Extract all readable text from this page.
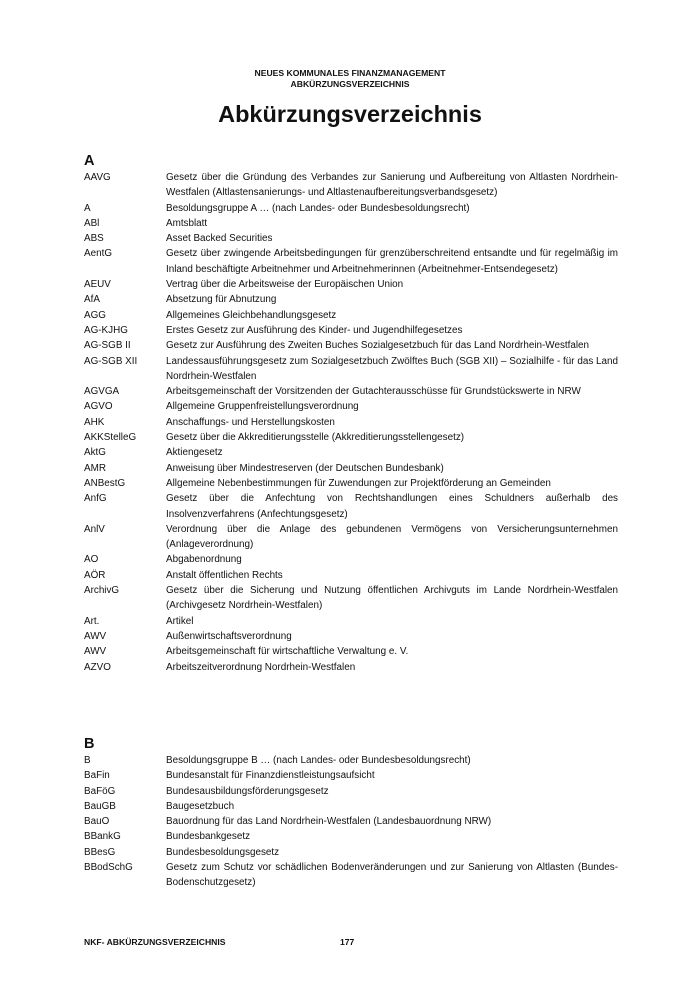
NEUES KOMMUNALES FINANZMANAGEMENT
ABKÜRZUNGSVERZEICHNIS
Abkürzungsverzeichnis
A
AAVG	Gesetz über die Gründung des Verbandes zur Sanierung und Aufbereitung von Altlasten Nordrhein-Westfalen (Altlastensanierungs- und Altlastenaufbereitungsverbandsgesetz)
A	Besoldungsgruppe A … (nach Landes- oder Bundesbesoldungsrecht)
ABl	Amtsblatt
ABS	Asset Backed Securities
AentG	Gesetz über zwingende Arbeitsbedingungen für grenzüberschreitend entsandte und für regelmäßig im Inland beschäftigte Arbeitnehmer und Arbeitnehmerinnen (Arbeitnehmer-Entsendegesetz)
AEUV	Vertrag über die Arbeitsweise der Europäischen Union
AfA	Absetzung für Abnutzung
AGG	Allgemeines Gleichbehandlungsgesetz
AG-KJHG	Erstes Gesetz zur Ausführung des Kinder- und Jugendhilfegesetzes
AG-SGB II	Gesetz zur Ausführung des Zweiten Buches Sozialgesetzbuch für das Land Nordrhein-Westfalen
AG-SGB XII	Landessausführungsgesetz zum Sozialgesetzbuch Zwölftes Buch (SGB XII) – Sozialhilfe - für das Land Nordrhein-Westfalen
AGVGA	Arbeitsgemeinschaft der Vorsitzenden der Gutachterausschüsse für Grundstückswerte in NRW
AGVO	Allgemeine Gruppenfreistellungsverordnung
AHK	Anschaffungs- und Herstellungskosten
AKKStelleG	Gesetz über die Akkreditierungsstelle (Akkreditierungsstellengesetz)
AktG	Aktiengesetz
AMR	Anweisung über Mindestreserven (der Deutschen Bundesbank)
ANBestG	Allgemeine Nebenbestimmungen für Zuwendungen zur Projektförderung an Gemeinden
AnfG	Gesetz über die Anfechtung von Rechtshandlungen eines Schuldners außerhalb des Insolvenzverfahrens (Anfechtungsgesetz)
AnlV	Verordnung über die Anlage des gebundenen Vermögens von Versicherungsunternehmen (Anlageverordnung)
AO	Abgabenordnung
AÖR	Anstalt öffentlichen Rechts
ArchivG	Gesetz über die Sicherung und Nutzung öffentlichen Archivguts im Lande Nordrhein-Westfalen (Archivgesetz Nordrhein-Westfalen)
Art.	Artikel
AWV	Außenwirtschaftsverordnung
AWV	Arbeitsgemeinschaft für wirtschaftliche Verwaltung e. V.
AZVO	Arbeitszeitverordnung Nordrhein-Westfalen
B
B	Besoldungsgruppe B … (nach Landes- oder Bundesbesoldungsrecht)
BaFin	Bundesanstalt für Finanzdienstleistungsaufsicht
BaFöG	Bundesausbildungsförderungsgesetz
BauGB	Baugesetzbuch
BauO	Bauordnung für das Land Nordrhein-Westfalen (Landesbauordnung NRW)
BBankG	Bundesbankgesetz
BBesG	Bundesbesoldungsgesetz
BBodSchG	Gesetz zum Schutz vor schädlichen Bodenveränderungen und zur Sanierung von Altlasten (Bundes-Bodenschutzgesetz)
NKF- ABKÜRZUNGSVERZEICHNIS	177
